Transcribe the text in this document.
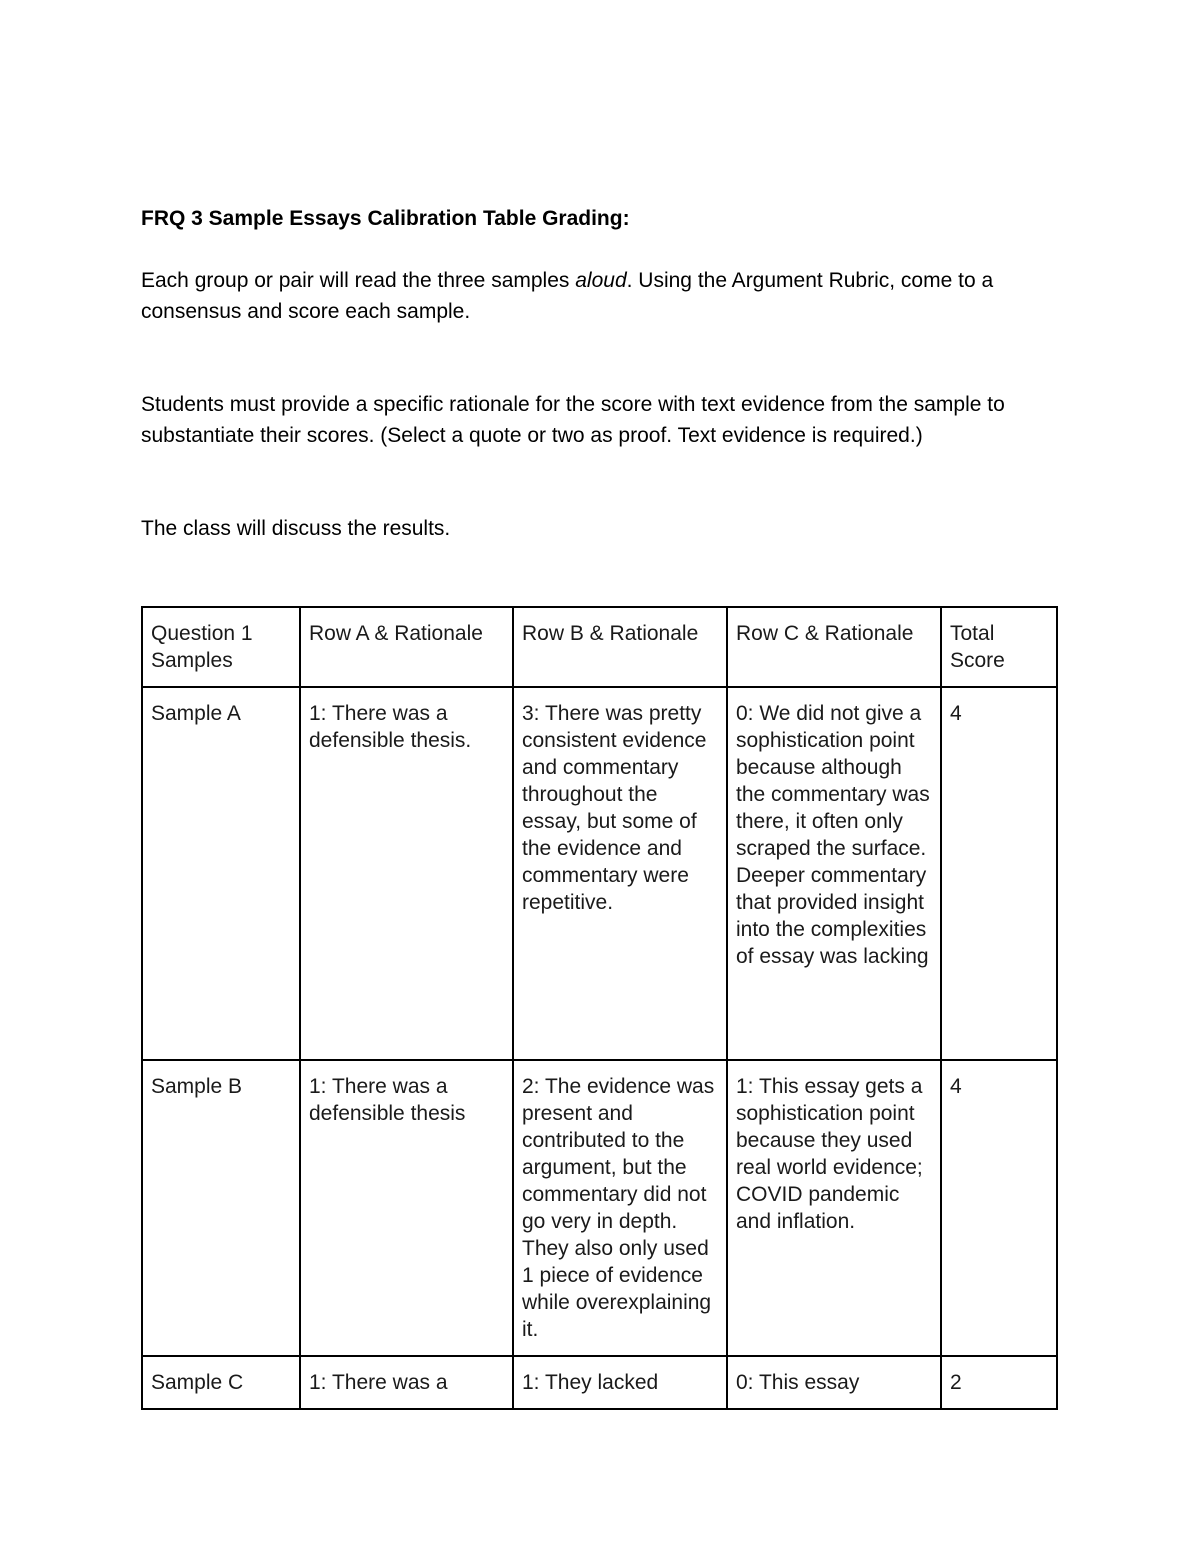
FRQ 3 Sample Essays Calibration Table Grading:
Each group or pair will read the three samples aloud. Using the Argument Rubric, come to a consensus and score each sample.
Students must provide a specific rationale for the score with text evidence from the sample to substantiate their scores. (Select a quote or two as proof. Text evidence is required.)
The class will discuss the results.
Question 1 Samples	Row A & Rationale	Row B & Rationale	Row C & Rationale	Total Score
Sample A	1: There was a defensible thesis.	3: There was pretty consistent evidence and commentary throughout the essay, but some of the evidence and commentary were repetitive.	0: We did not give a sophistication point because although the commentary was there, it often only scraped the surface. Deeper commentary that provided insight into the complexities of essay was lacking	4
Sample B	1: There was a defensible thesis	2: The evidence was present and contributed to the argument, but the commentary did not go very in depth. They also only used 1 piece of evidence while overexplaining it.	1: This essay gets a sophistication point because they used real world evidence; COVID pandemic and inflation.	4
Sample C	1: There was a	1: They lacked	0: This essay	2
